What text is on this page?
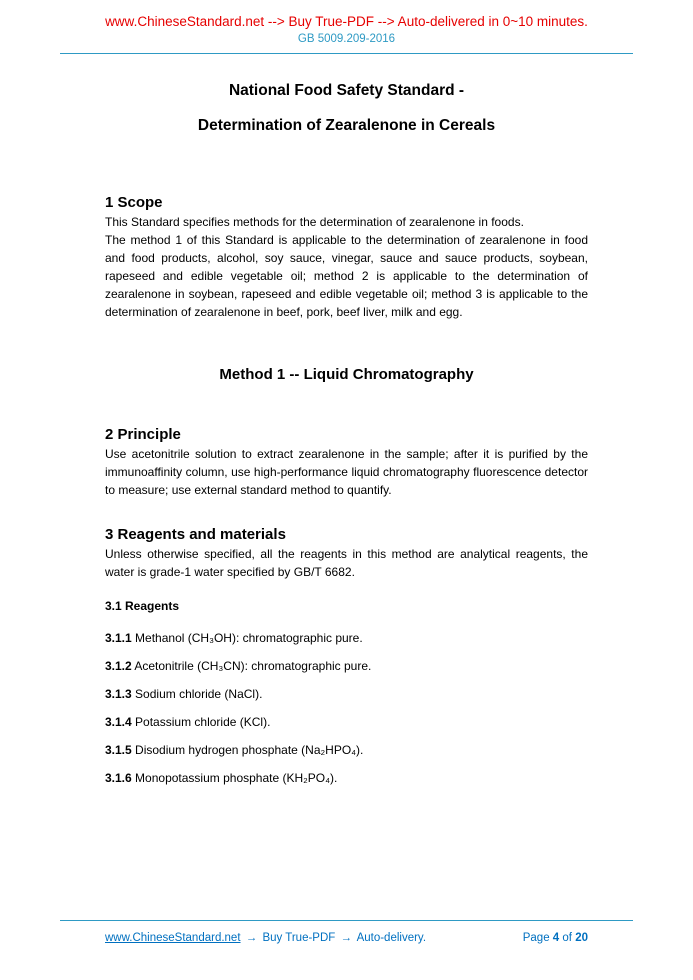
www.ChineseStandard.net --> Buy True-PDF --> Auto-delivered in 0~10 minutes.
GB 5009.209-2016
National Food Safety Standard -
Determination of Zearalenone in Cereals
1 Scope

This Standard specifies methods for the determination of zearalenone in foods.

The method 1 of this Standard is applicable to the determination of zearalenone in food and food products, alcohol, soy sauce, vinegar, sauce and sauce products, soybean, rapeseed and edible vegetable oil; method 2 is applicable to the determination of zearalenone in soybean, rapeseed and edible vegetable oil; method 3 is applicable to the determination of zearalenone in beef, pork, beef liver, milk and egg.

Method 1 -- Liquid Chromatography
2 Principle

Use acetonitrile solution to extract zearalenone in the sample; after it is purified by the immunoaffinity column, use high-performance liquid chromatography fluorescence detector to measure; use external standard method to quantify.

3 Reagents and materials

Unless otherwise specified, all the reagents in this method are analytical reagents, the water is grade-1 water specified by GB/T 6682.

3.1 Reagents

3.1.1 Methanol (CH₃OH): chromatographic pure.

3.1.2 Acetonitrile (CH₃CN): chromatographic pure.

3.1.3 Sodium chloride (NaCl).

3.1.4 Potassium chloride (KCl).

3.1.5 Disodium hydrogen phosphate (Na₂HPO₄).

3.1.6 Monopotassium phosphate (KH₂PO₄).

www.ChineseStandard.net → Buy True-PDF → Auto-delivery.	Page 4 of 20
